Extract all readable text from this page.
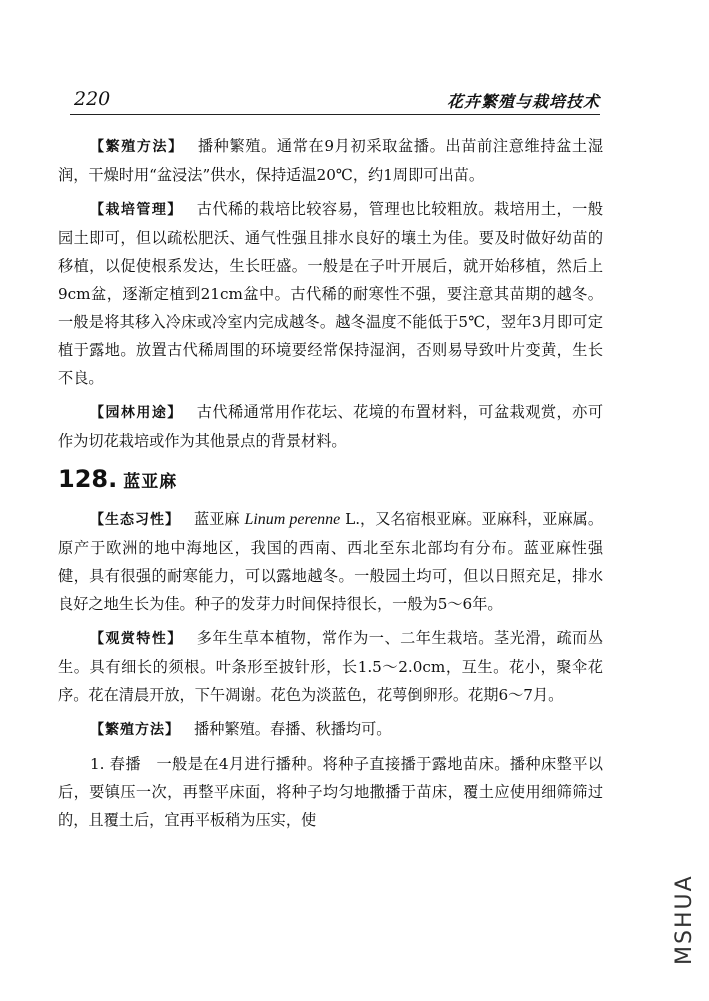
220	花卉繁殖与栽培技术

【繁殖方法】 播种繁殖。通常在9月初采取盆播。出苗前注意维持盆土湿润，干燥时用“盆浸法”供水，保持适温20℃，约1周即可出苗。

【栽培管理】 古代稀的栽培比较容易，管理也比较粗放。栽培用土，一般园土即可，但以疏松肥沃、通气性强且排水良好的壤土为佳。要及时做好幼苗的移植，以促使根系发达，生长旺盛。一般是在子叶开展后，就开始移植，然后上9cm盆，逐渐定植到21cm盆中。古代稀的耐寒性不强，要注意其苗期的越冬。一般是将其移入冷床或冷室内完成越冬。越冬温度不能低于5℃，翌年3月即可定植于露地。放置古代稀周围的环境要经常保持湿润，否则易导致叶片变黄，生长不良。

【园林用途】 古代稀通常用作花坛、花境的布置材料，可盆栽观赏，亦可作为切花栽培或作为其他景点的背景材料。

128. 蓝亚麻

【生态习性】 蓝亚麻 Linum perenne L.，又名宿根亚麻。亚麻科，亚麻属。原产于欧洲的地中海地区，我国的西南、西北至东北部均有分布。蓝亚麻性强健，具有很强的耐寒能力，可以露地越冬。一般园土均可，但以日照充足，排水良好之地生长为佳。种子的发芽力时间保持很长，一般为5～6年。

【观赏特性】 多年生草本植物，常作为一、二年生栽培。茎光滑，疏而丛生。具有细长的须根。叶条形至披针形，长1.5～2.0cm，互生。花小，聚伞花序。花在清晨开放，下午凋谢。花色为淡蓝色，花萼倒卵形。花期6～7月。

【繁殖方法】 播种繁殖。春播、秋播均可。

1. 春播　一般是在4月进行播种。将种子直接播于露地苗床。播种床整平以后，要镇压一次，再整平床面，将种子均匀地撒播于苗床，覆土应使用细筛筛过的，且覆土后，宜再平板稍为压实，使

MSHUA
